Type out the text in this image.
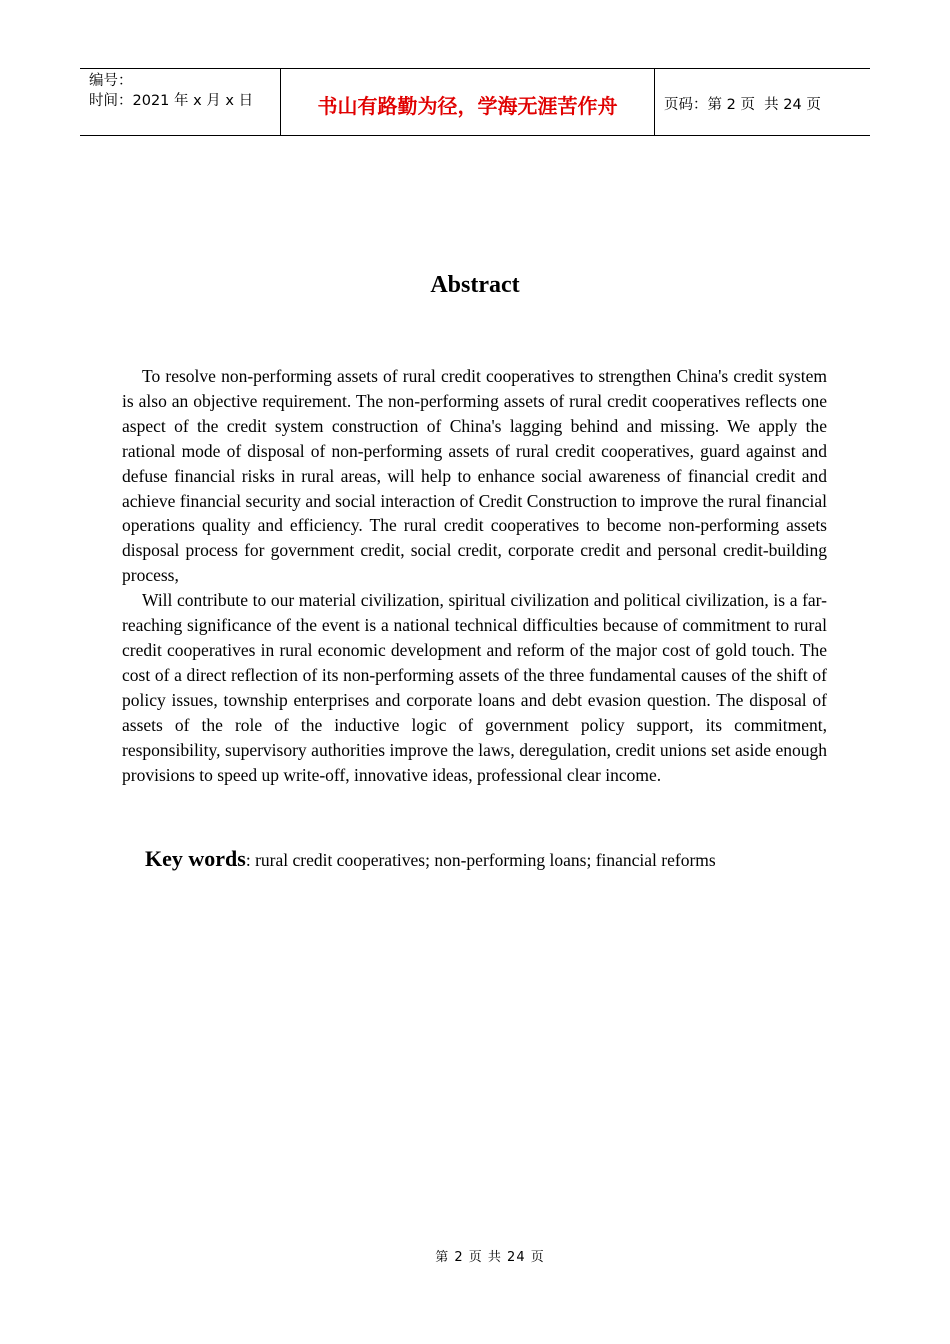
编号：
时间：2021 年 x 月 x 日	书山有路勤为径，学海无涯苦作舟	页码：第 2 页  共 24 页
Abstract

To resolve non-performing assets of rural credit cooperatives to strengthen China's credit system is also an objective requirement. The non-performing assets of rural credit cooperatives reflects one aspect of the credit system construction of China's lagging behind and missing. We apply the rational mode of disposal of non-performing assets of rural credit cooperatives, guard against and defuse financial risks in rural areas, will help to enhance social awareness of financial credit and achieve financial security and social interaction of Credit Construction to improve the rural financial operations quality and efficiency. The rural credit cooperatives to become non-performing assets disposal process for government credit, social credit, corporate credit and personal credit-building process,

Will contribute to our material civilization, spiritual civilization and political civilization, is a far-reaching significance of the event is a national technical difficulties because of commitment to rural credit cooperatives in rural economic development and reform of the major cost of gold touch. The cost of a direct reflection of its non-performing assets of the three fundamental causes of the shift of policy issues, township enterprises and corporate loans and debt evasion question. The disposal of assets of the role of the inductive logic of government policy support, its commitment, responsibility, supervisory authorities improve the laws, deregulation, credit unions set aside enough provisions to speed up write-off, innovative ideas, professional clear income.

Key words: rural credit cooperatives; non-performing loans; financial reforms
第 2 页 共 24 页
